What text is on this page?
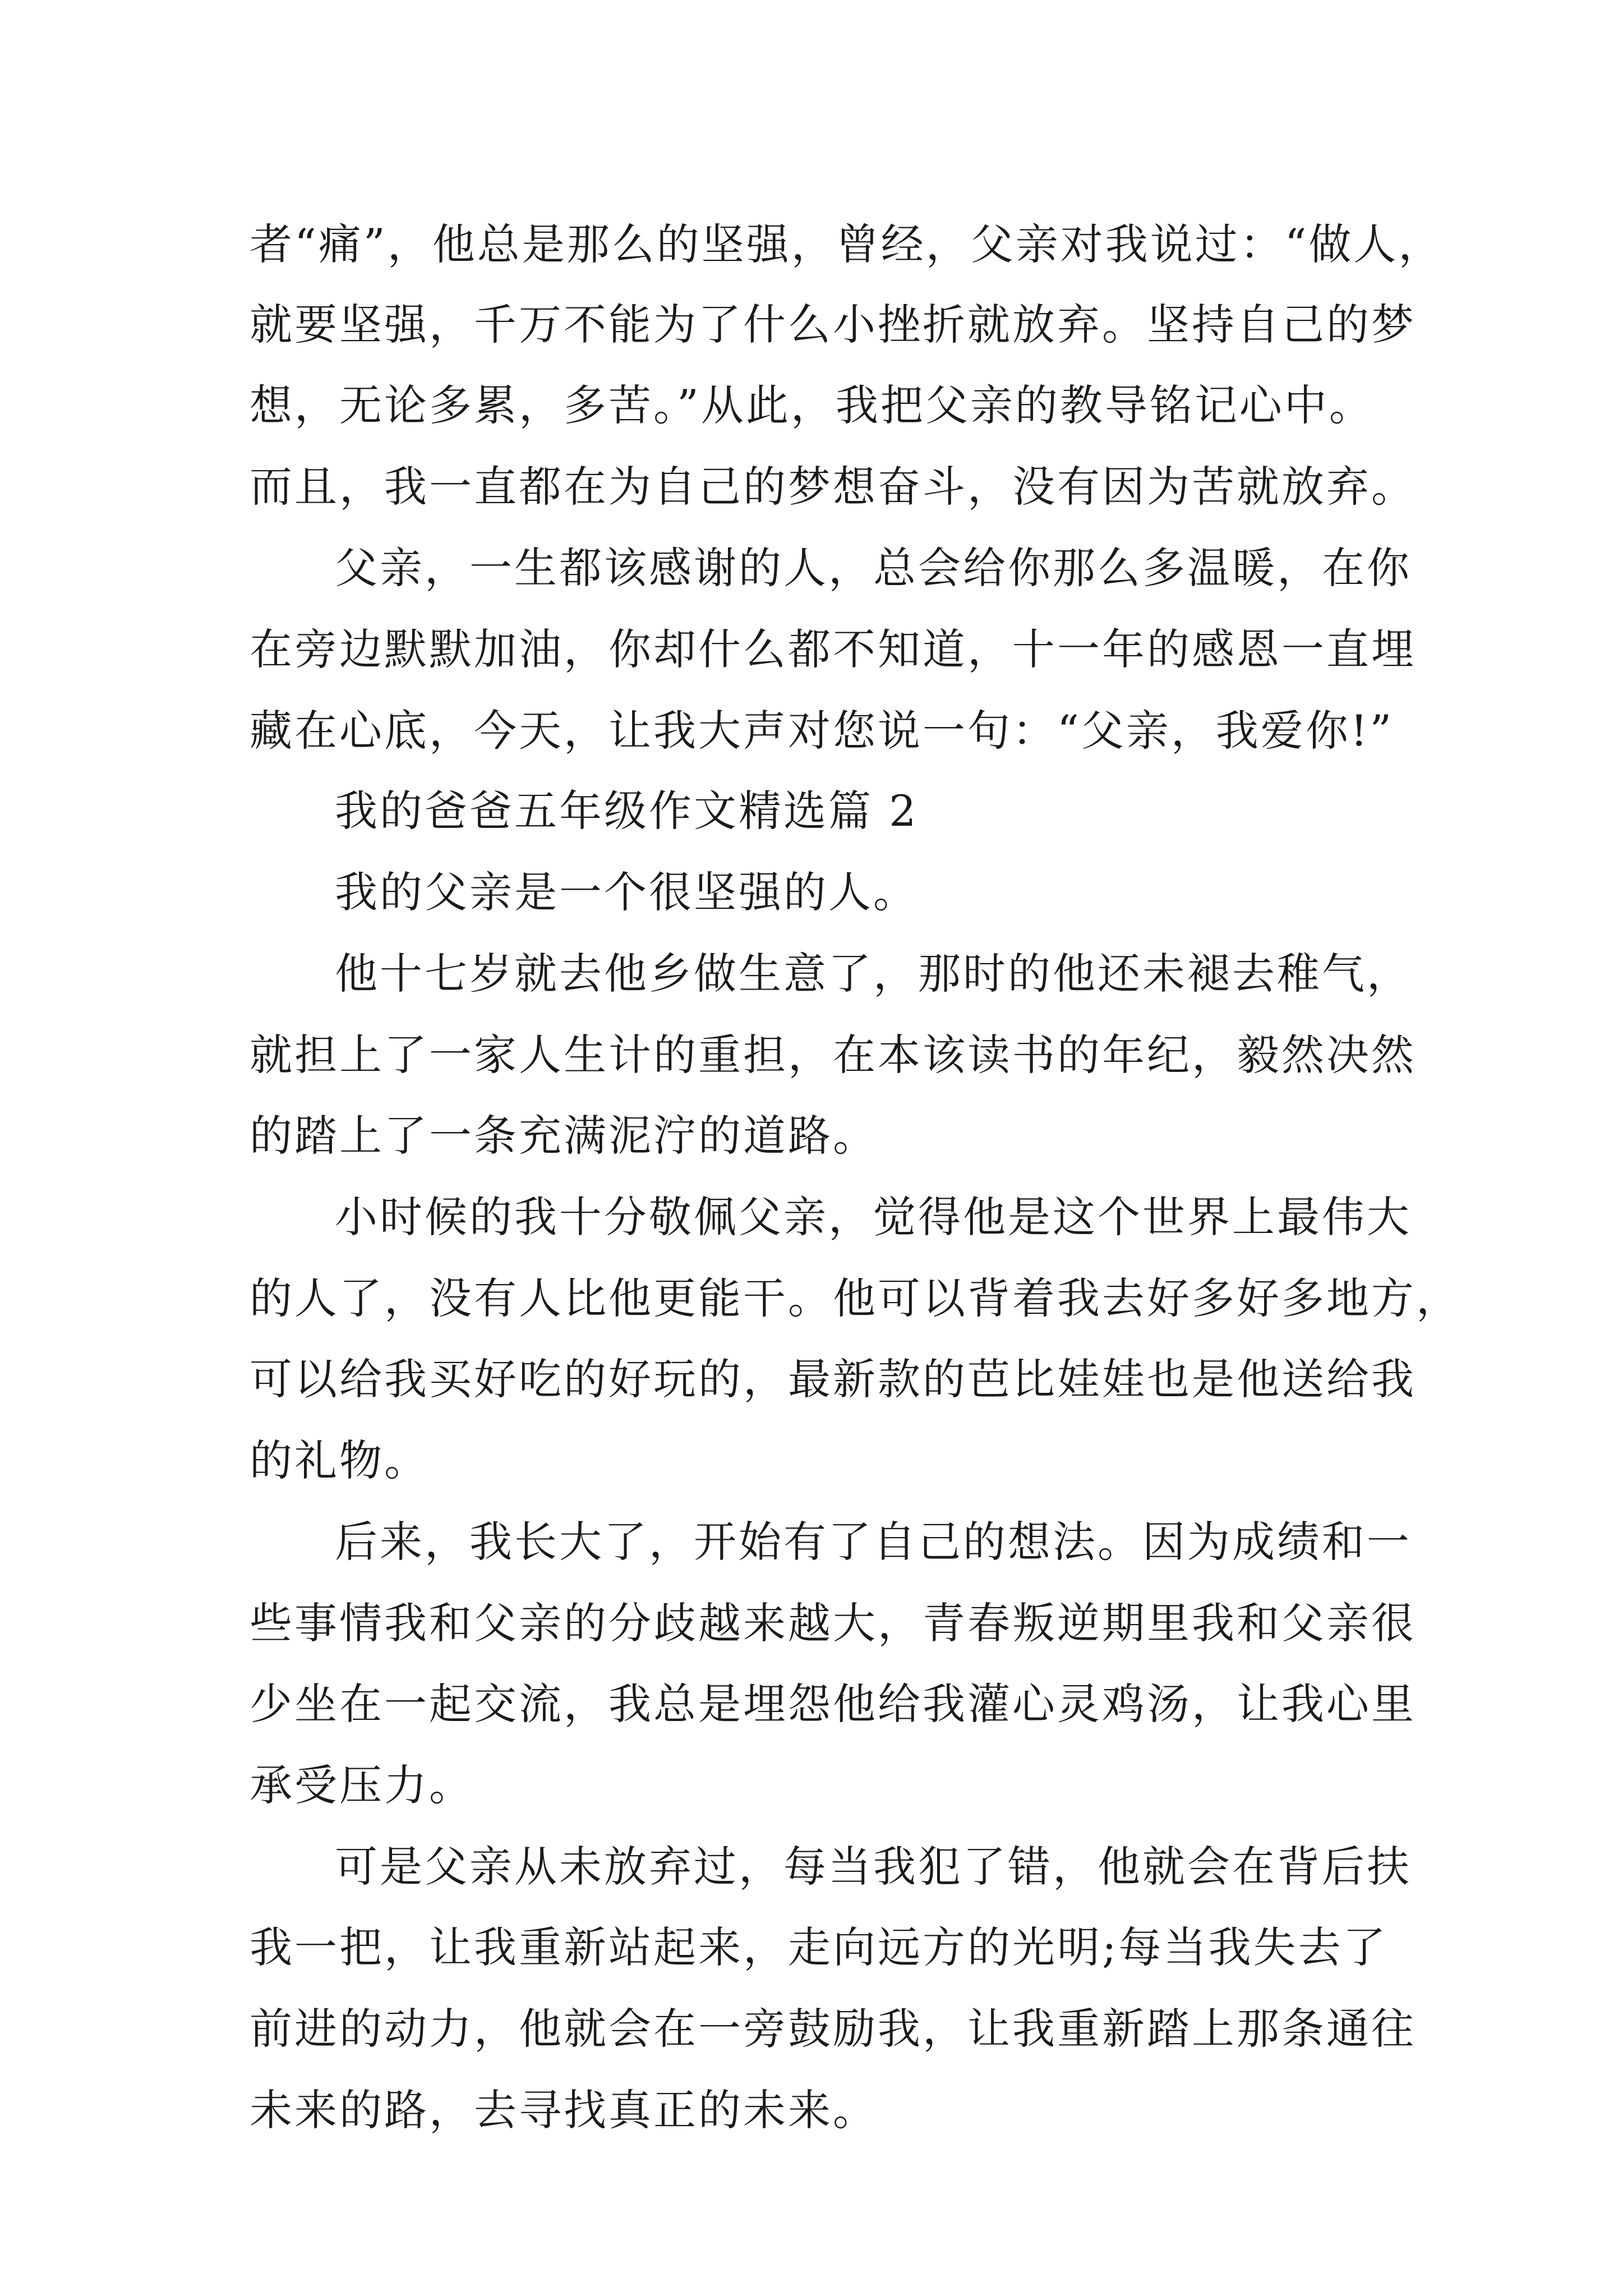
者“痛”，他总是那么的坚强，曾经，父亲对我说过：“做人，
就要坚强，千万不能为了什么小挫折就放弃。坚持自己的梦
想，无论多累，多苦。”从此，我把父亲的教导铭记心中。
而且，我一直都在为自己的梦想奋斗，没有因为苦就放弃。
父亲，一生都该感谢的人，总会给你那么多温暖，在你
在旁边默默加油，你却什么都不知道，十一年的感恩一直埋
藏在心底，今天，让我大声对您说一句：“父亲，我爱你!”
我的爸爸五年级作文精选篇 2
我的父亲是一个很坚强的人。
他十七岁就去他乡做生意了，那时的他还未褪去稚气，
就担上了一家人生计的重担，在本该读书的年纪，毅然决然
的踏上了一条充满泥泞的道路。
小时候的我十分敬佩父亲，觉得他是这个世界上最伟大
的人了，没有人比他更能干。他可以背着我去好多好多地方，
可以给我买好吃的好玩的，最新款的芭比娃娃也是他送给我
的礼物。
后来，我长大了，开始有了自己的想法。因为成绩和一
些事情我和父亲的分歧越来越大，青春叛逆期里我和父亲很
少坐在一起交流，我总是埋怨他给我灌心灵鸡汤，让我心里
承受压力。
可是父亲从未放弃过，每当我犯了错，他就会在背后扶
我一把，让我重新站起来，走向远方的光明;每当我失去了
前进的动力，他就会在一旁鼓励我，让我重新踏上那条通往
未来的路，去寻找真正的未来。
